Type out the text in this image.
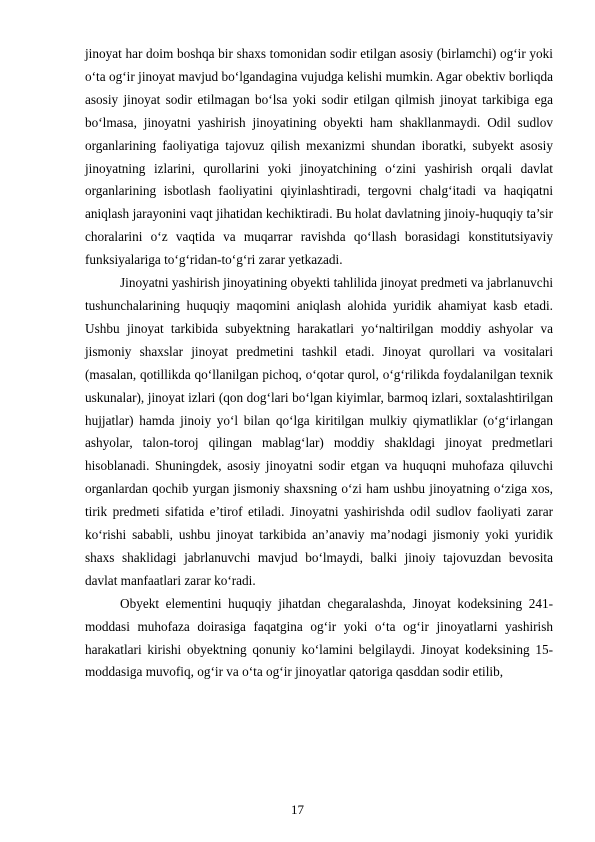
jinoyat har doim boshqa bir shaxs tomonidan sodir etilgan asosiy (birlamchi) og‘ir yoki o‘ta og‘ir jinoyat mavjud bo‘lgandagina vujudga kelishi mumkin. Agar obektiv borliqda asosiy jinoyat sodir etilmagan bo‘lsa yoki sodir etilgan qilmish jinoyat tarkibiga ega bo‘lmasa, jinoyatni yashirish jinoyatining obyekti ham shakllanmaydi. Odil sudlov organlarining faoliyatiga tajovuz qilish mexanizmi shundan iboratki, subyekt asosiy jinoyatning izlarini, qurollarini yoki jinoyatchining o‘zini yashirish orqali davlat organlarining isbotlash faoliyatini qiyinlashtiradi, tergovni chalg‘itadi va haqiqatni aniqlash jarayonini vaqt jihatidan kechiktiradi. Bu holat davlatning jinoiy-huquqiy ta’sir choralarini o‘z vaqtida va muqarrar ravishda qo‘llash borasidagi konstitutsiyaviy funksiyalariga to‘g‘ridan-to‘g‘ri zarar yetkazadi.

Jinoyatni yashirish jinoyatining obyekti tahlilida jinoyat predmeti va jabrlanuvchi tushunchalarining huquqiy maqomini aniqlash alohida yuridik ahamiyat kasb etadi. Ushbu jinoyat tarkibida subyektning harakatlari yo‘naltirilgan moddiy ashyolar va jismoniy shaxslar jinoyat predmetini tashkil etadi. Jinoyat qurollari va vositalari (masalan, qotillikda qo‘llanilgan pichoq, o‘qotar qurol, o‘g‘rilikda foydalanilgan texnik uskunalar), jinoyat izlari (qon dog‘lari bo‘lgan kiyimlar, barmoq izlari, soxtalashtirilgan hujjatlar) hamda jinoiy yo‘l bilan qo‘lga kiritilgan mulkiy qiymatliklar (o‘g‘irlangan ashyolar, talon-toroj qilingan mablag‘lar) moddiy shakldagi jinoyat predmetlari hisoblanadi. Shuningdek, asosiy jinoyatni sodir etgan va huquqni muhofaza qiluvchi organlardan qochib yurgan jismoniy shaxsning o‘zi ham ushbu jinoyatning o‘ziga xos, tirik predmeti sifatida e’tirof etiladi. Jinoyatni yashirishda odil sudlov faoliyati zarar ko‘rishi sababli, ushbu jinoyat tarkibida an’anaviy ma’nodagi jismoniy yoki yuridik shaxs shaklidagi jabrlanuvchi mavjud bo‘lmaydi, balki jinoiy tajovuzdan bevosita davlat manfaatlari zarar ko‘radi.

Obyekt elementini huquqiy jihatdan chegaralashda, Jinoyat kodeksining 241-moddasi muhofaza doirasiga faqatgina og‘ir yoki o‘ta og‘ir jinoyatlarni yashirish harakatlari kirishi obyektning qonuniy ko‘lamini belgilaydi. Jinoyat kodeksining 15-moddasiga muvofiq, og‘ir va o‘ta og‘ir jinoyatlar qatoriga qasddan sodir etilib,

17
